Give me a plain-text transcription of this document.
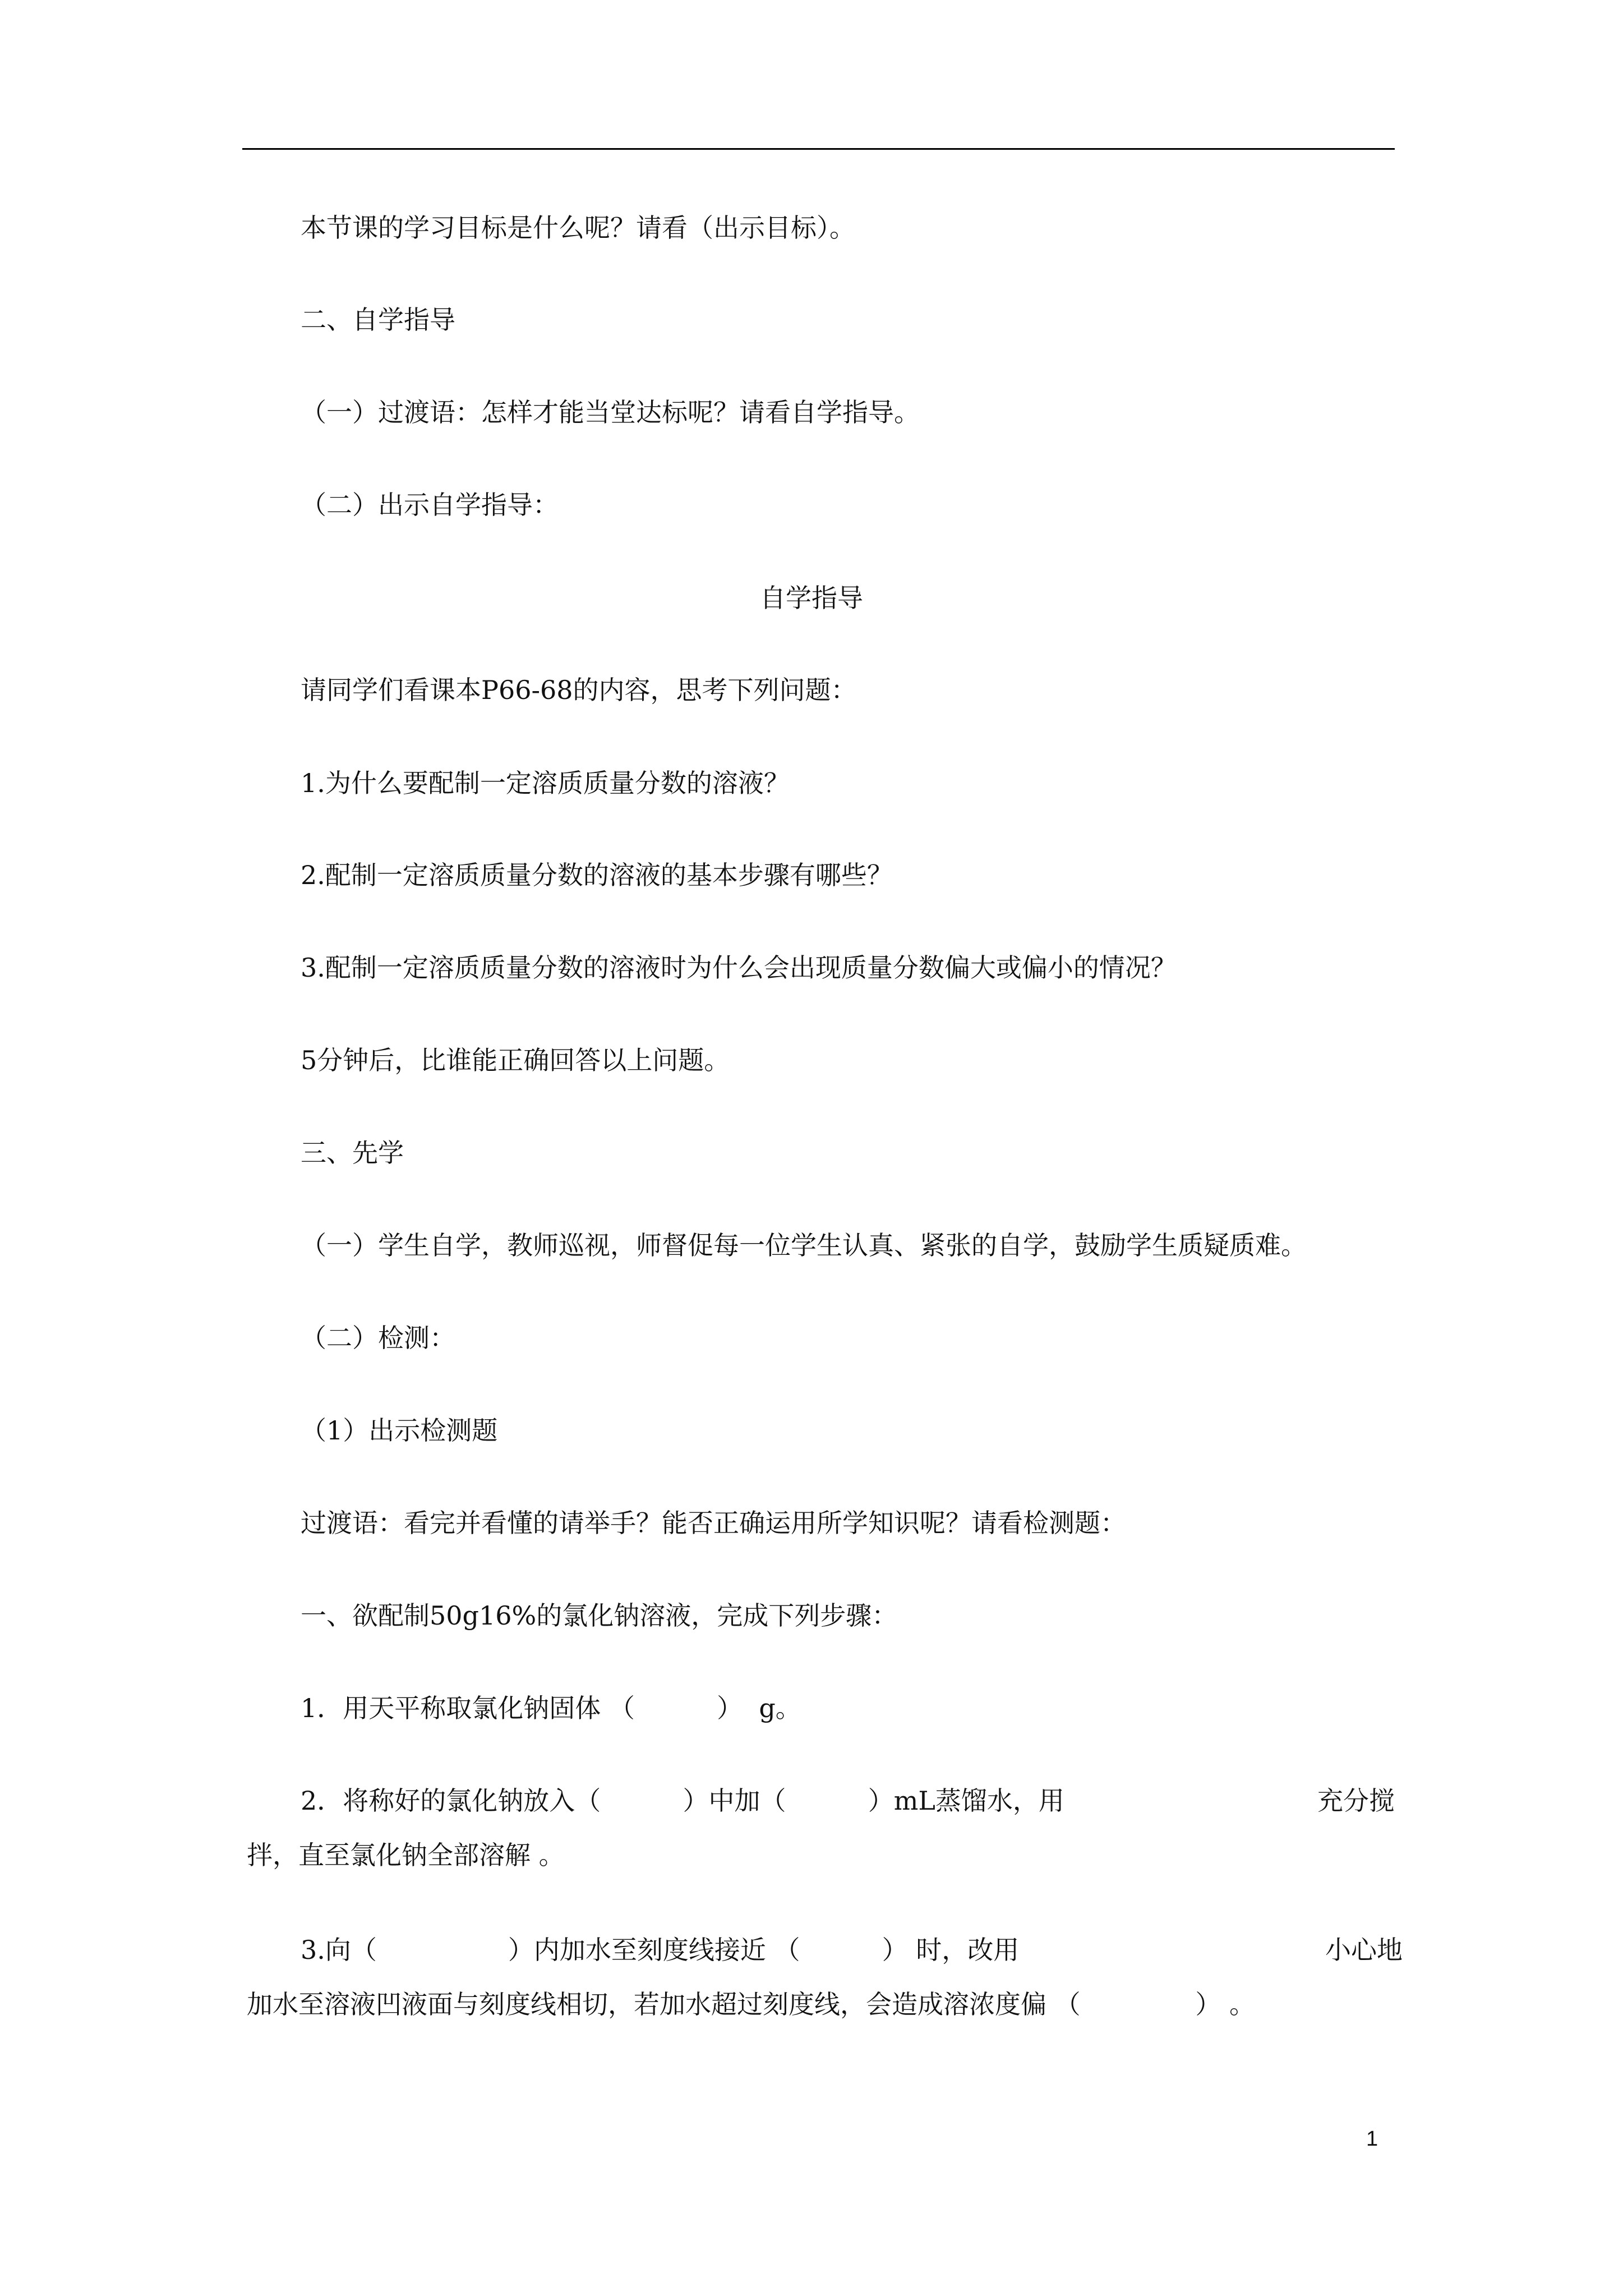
本节课的学习目标是什么呢？请看（出示目标）。
二、自学指导
（一）过渡语：怎样才能当堂达标呢？请看自学指导。
（二）出示自学指导：
自学指导
请同学们看课本P66-68的内容，思考下列问题：
1.为什么要配制一定溶质质量分数的溶液？
2.配制一定溶质质量分数的溶液的基本步骤有哪些？
3.配制一定溶质质量分数的溶液时为什么会出现质量分数偏大或偏小的情况？
5分钟后，比谁能正确回答以上问题。
三、先学
（一）学生自学，教师巡视，师督促每一位学生认真、紧张的自学，鼓励学生质疑质难。
（二）检测：
（1）出示检测题
过渡语：看完并看懂的请举手？能否正确运用所学知识呢？请看检测题：
一、欲配制50g16%的氯化钠溶液，完成下列步骤：
1．用天平称取氯化钠固体 （          ）  g。
2．将称好的氯化钠放入（          ）中加（          ）mL蒸馏水，用	充分搅
拌，直至氯化钠全部溶解 。
3.向（                ）内加水至刻度线接近 （          ） 时，改用	小心地
加水至溶液凹液面与刻度线相切，若加水超过刻度线，会造成溶浓度偏 （              ） 。
1
